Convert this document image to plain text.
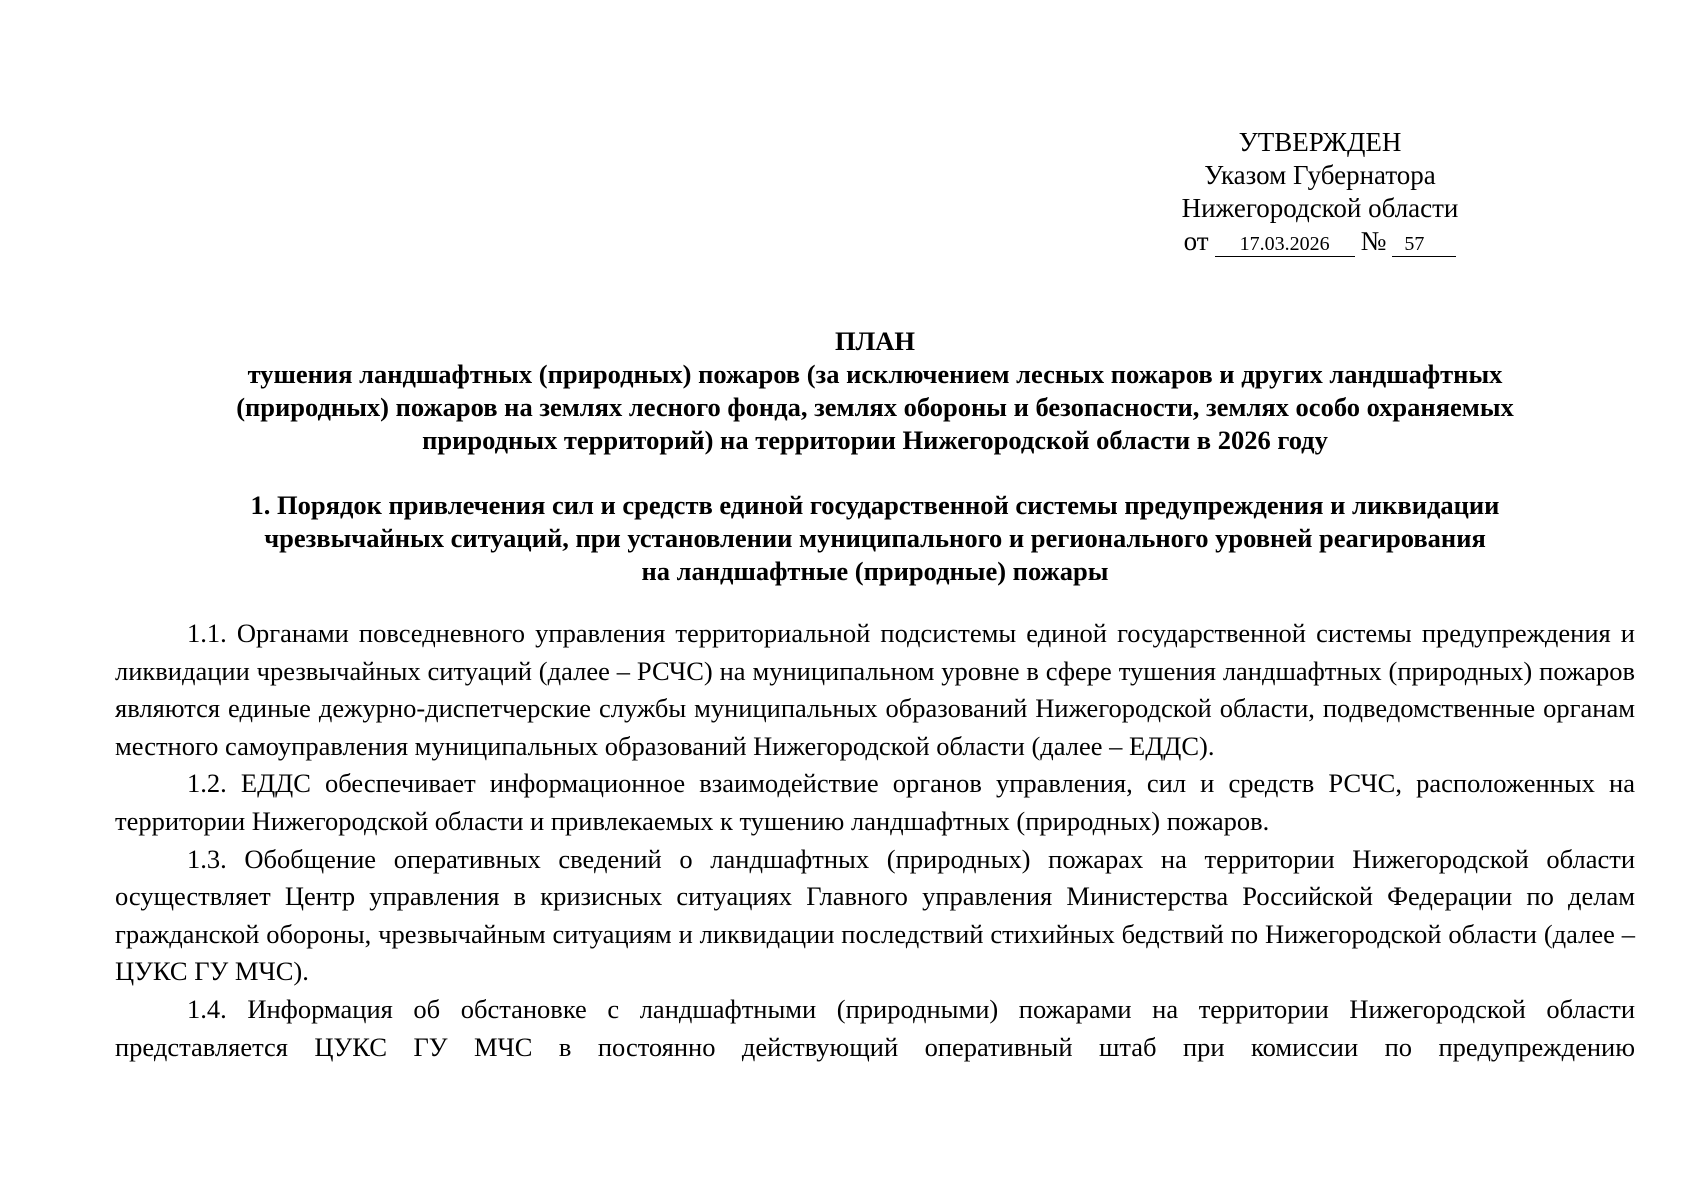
УТВЕРЖДЕН
Указом Губернатора
Нижегородской области
от	17.03.2026	№ 57
ПЛАН
тушения ландшафтных (природных) пожаров (за исключением лесных пожаров и других ландшафтных
(природных) пожаров на землях лесного фонда, землях обороны и безопасности, землях особо охраняемых
природных территорий) на территории Нижегородской области в 2026 году
1. Порядок привлечения сил и средств единой государственной системы предупреждения и ликвидации
чрезвычайных ситуаций, при установлении муниципального и регионального уровней реагирования
на ландшафтные (природные) пожары

1.1. Органами повседневного управления территориальной подсистемы единой государственной системы предупреждения и ликвидации чрезвычайных ситуаций (далее – РСЧС) на муниципальном уровне в сфере тушения ландшафтных (природных) пожаров являются единые дежурно-диспетчерские службы муниципальных образований Нижегородской области, подведомственные органам местного самоуправления муниципальных образований Нижегородской области (далее – ЕДДС).

1.2. ЕДДС обеспечивает информационное взаимодействие органов управления, сил и средств РСЧС, расположенных на территории Нижегородской области и привлекаемых к тушению ландшафтных (природных) пожаров.

1.3. Обобщение оперативных сведений о ландшафтных (природных) пожарах на территории Нижегородской области осуществляет Центр управления в кризисных ситуациях Главного управления Министерства Российской Федерации по делам гражданской обороны, чрезвычайным ситуациям и ликвидации последствий стихийных бедствий по Нижегородской области (далее – ЦУКС ГУ МЧС).

1.4. Информация об обстановке с ландшафтными (природными) пожарами на территории Нижегородской области представляется ЦУКС ГУ МЧС в постоянно действующий оперативный штаб при комиссии по предупреждению
